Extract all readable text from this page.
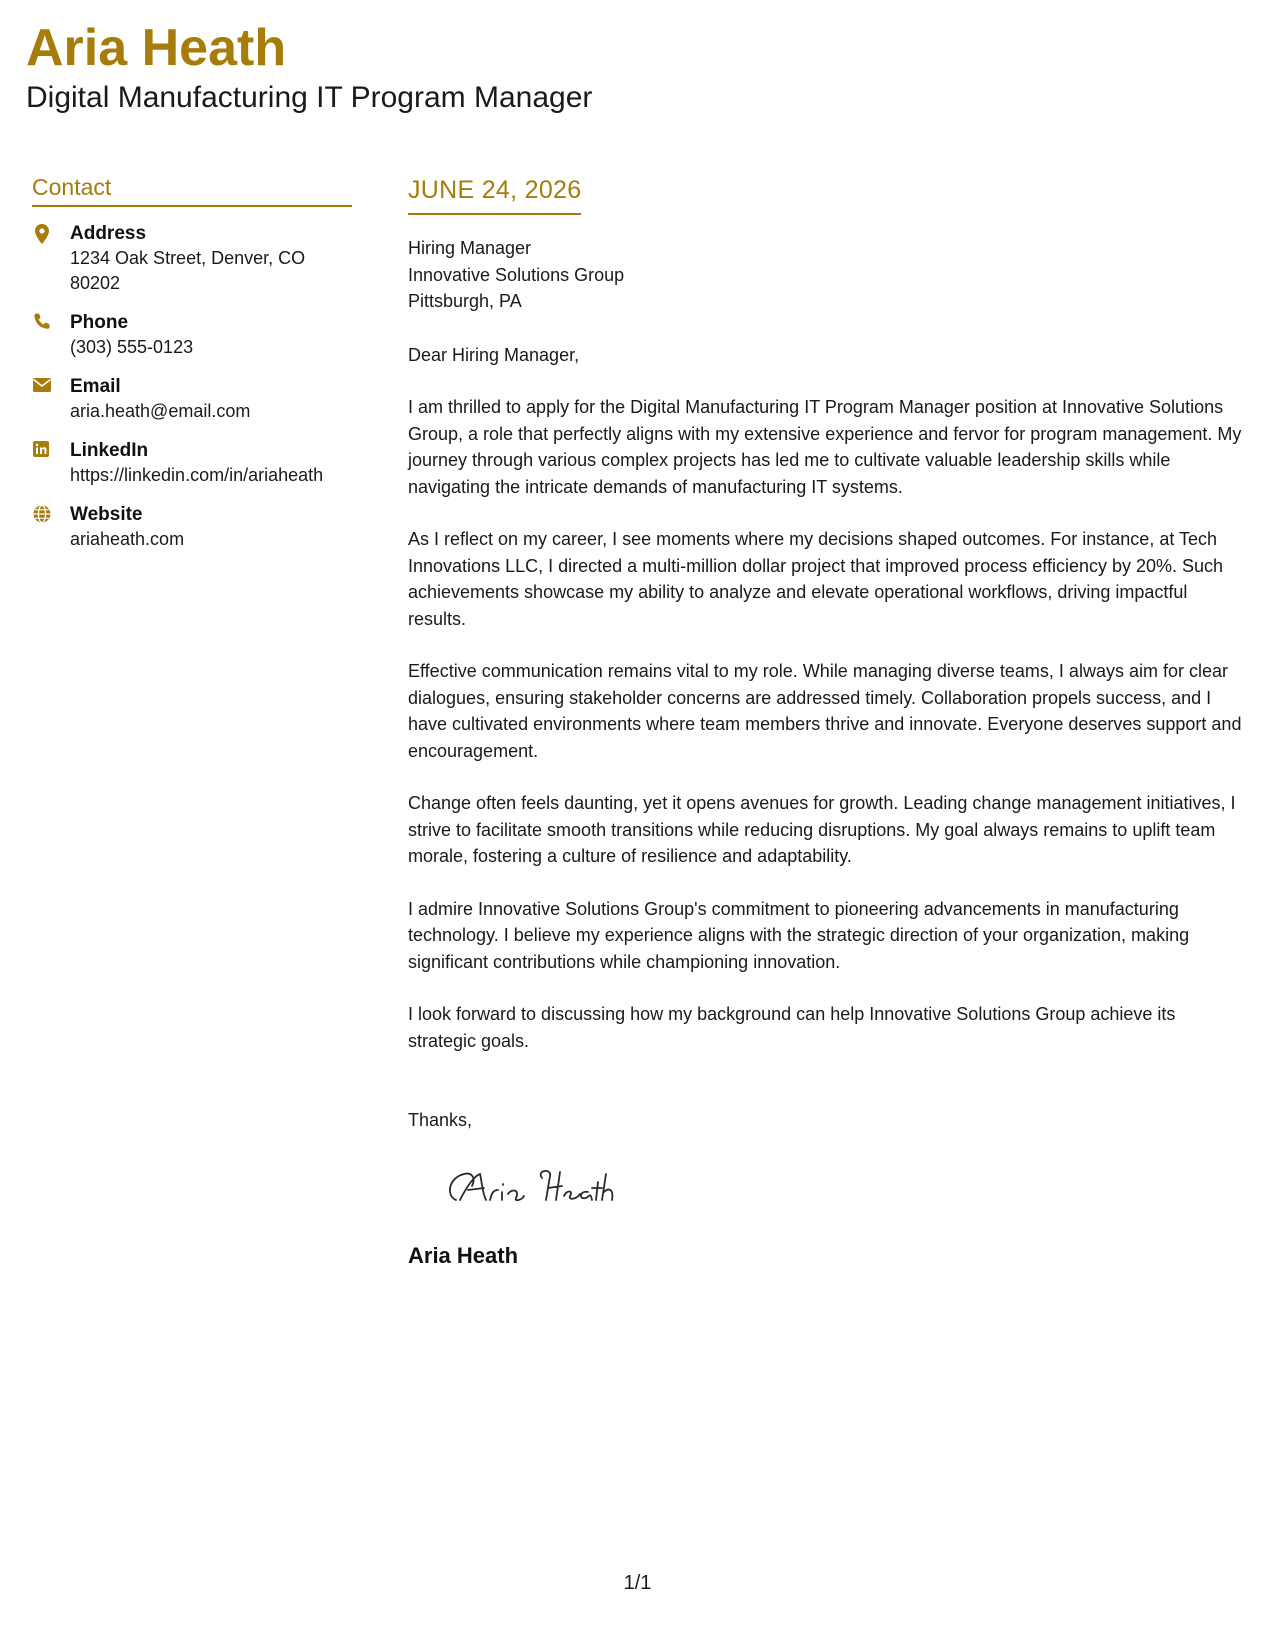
Aria Heath
Digital Manufacturing IT Program Manager
Contact
Address
1234 Oak Street, Denver, CO
80202
Phone
(303) 555-0123
Email
aria.heath@email.com
LinkedIn
https://linkedin.com/in/ariaheath
Website
ariaheath.com
JUNE 24, 2026
Hiring Manager
Innovative Solutions Group
Pittsburgh, PA
Dear Hiring Manager,

I am thrilled to apply for the Digital Manufacturing IT Program Manager position at Innovative Solutions Group, a role that perfectly aligns with my extensive experience and fervor for program management. My journey through various complex projects has led me to cultivate valuable leadership skills while navigating the intricate demands of manufacturing IT systems.

As I reflect on my career, I see moments where my decisions shaped outcomes. For instance, at Tech Innovations LLC, I directed a multi-million dollar project that improved process efficiency by 20%. Such achievements showcase my ability to analyze and elevate operational workflows, driving impactful results.

Effective communication remains vital to my role. While managing diverse teams, I always aim for clear dialogues, ensuring stakeholder concerns are addressed timely. Collaboration propels success, and I have cultivated environments where team members thrive and innovate. Everyone deserves support and encouragement.

Change often feels daunting, yet it opens avenues for growth. Leading change management initiatives, I strive to facilitate smooth transitions while reducing disruptions. My goal always remains to uplift team morale, fostering a culture of resilience and adaptability.

I admire Innovative Solutions Group's commitment to pioneering advancements in manufacturing technology. I believe my experience aligns with the strategic direction of your organization, making significant contributions while championing innovation.

I look forward to discussing how my background can help Innovative Solutions Group achieve its strategic goals.

Thanks,
Aria Heath
1/1
